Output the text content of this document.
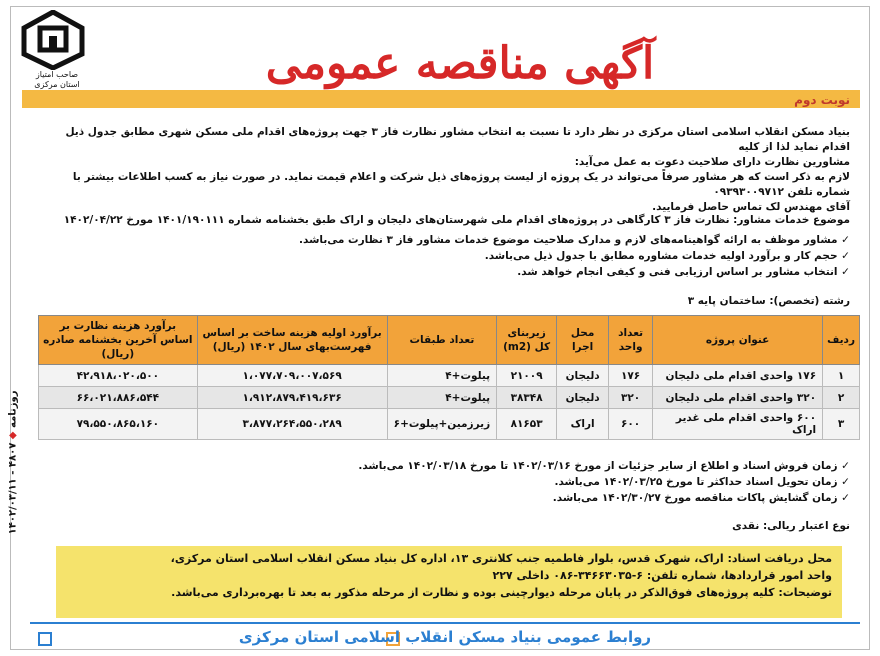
صاحب امتیاز
استان مرکزی	آگهی مناقصه عمومی
نوبت دوم
بنیاد مسکن انقلاب اسلامی استان مرکزی در نظر دارد تا نسبت به انتخاب مشاور نظارت فاز ۳ جهت پروژه‌های اقدام ملی مسکن شهری مطابق جدول ذیل اقدام نماید لذا از کلیه
مشاورین نظارت دارای صلاحیت دعوت به عمل می‌آید:
لازم به ذکر است که هر مشاور صرفاً می‌تواند در یک پروژه از لیست پروژه‌های ذیل شرکت و اعلام قیمت نماید. در صورت نیاز به کسب اطلاعات بیشتر با شماره تلفن ۰۹۳۹۳۰۰۹۷۱۲
آقای مهندس لک تماس حاصل فرمایید.
موضوع خدمات مشاور: نظارت فاز ۳ کارگاهی در پروژه‌های اقدام ملی شهرستان‌های دلیجان و اراک طبق بخشنامه شماره ۱۴۰۱/۱۹۰۱۱۱ مورخ ۱۴۰۲/۰۴/۲۲
✓ مشاور موظف به ارائه گواهینامه‌های لازم و مدارک صلاحیت موضوع خدمات مشاور فاز ۳ نظارت می‌باشد.
✓ حجم کار و برآورد اولیه خدمات مشاوره مطابق با جدول ذیل می‌باشد.
✓ انتخاب مشاور بر اساس ارزیابی فنی و کیفی انجام خواهد شد.
رشته (تخصص): ساختمان پایه ۳
ردیف	عنوان پروژه	تعداد واحد	محل اجرا	زیربنای کل (m2)	تعداد طبقات	برآورد اولیه هزینه ساخت بر اساس فهرست‌بهای سال ۱۴۰۲ (ریال)	برآورد هزینه نظارت بر اساس آخرین بخشنامه صادره (ریال)
۱	۱۷۶ واحدی اقدام ملی دلیجان	۱۷۶	دلیجان	۲۱۰۰۹	پیلوت+۴	۱،۰۷۷،۷۰۹،۰۰۷،۵۶۹	۴۲،۹۱۸،۰۲۰،۵۰۰
۲	۳۲۰ واحدی اقدام ملی دلیجان	۳۲۰	دلیجان	۳۸۳۴۸	پیلوت+۴	۱،۹۱۲،۸۷۹،۴۱۹،۶۳۶	۶۶،۰۲۱،۸۸۶،۵۴۴
۳	۶۰۰ واحدی اقدام ملی غدیر اراک	۶۰۰	اراک	۸۱۶۵۳	زیرزمین+پیلوت+۶	۳،۸۷۷،۲۶۴،۵۵۰،۲۸۹	۷۹،۵۵۰،۸۶۵،۱۶۰
✓ زمان فروش اسناد و اطلاع از سایر جزئیات از مورخ ۱۴۰۲/۰۳/۱۶ تا مورخ ۱۴۰۲/۰۳/۱۸ می‌باشد.
✓ زمان تحویل اسناد حداکثر تا مورخ ۱۴۰۲/۰۳/۲۵ می‌باشد.
✓ زمان گشایش پاکات مناقصه مورخ ۱۴۰۲/۳۰/۲۷ می‌باشد.
نوع اعتبار ریالی: نقدی
محل دریافت اسناد: اراک، شهرک قدس، بلوار فاطمیه جنب کلانتری ۱۳، اداره کل بنیاد مسکن انقلاب اسلامی استان مرکزی،
واحد امور قراردادها، شماره تلفن: ۶-۳۴۶۶۳۰۳۵-۰۸۶ داخلی ۲۲۷
توضیحات: کلیه پروژه‌های فوق‌الذکر در پایان مرحله دیوارچینی بوده و نظارت از مرحله مذکور به بعد تا بهره‌برداری می‌باشد.
روابط عمومی بنیاد مسکن انقلاب اسلامی استان مرکزی
روزنامه ◆ ۴۸۰۷ - ۱۴۰۲/۰۳/۱۱
